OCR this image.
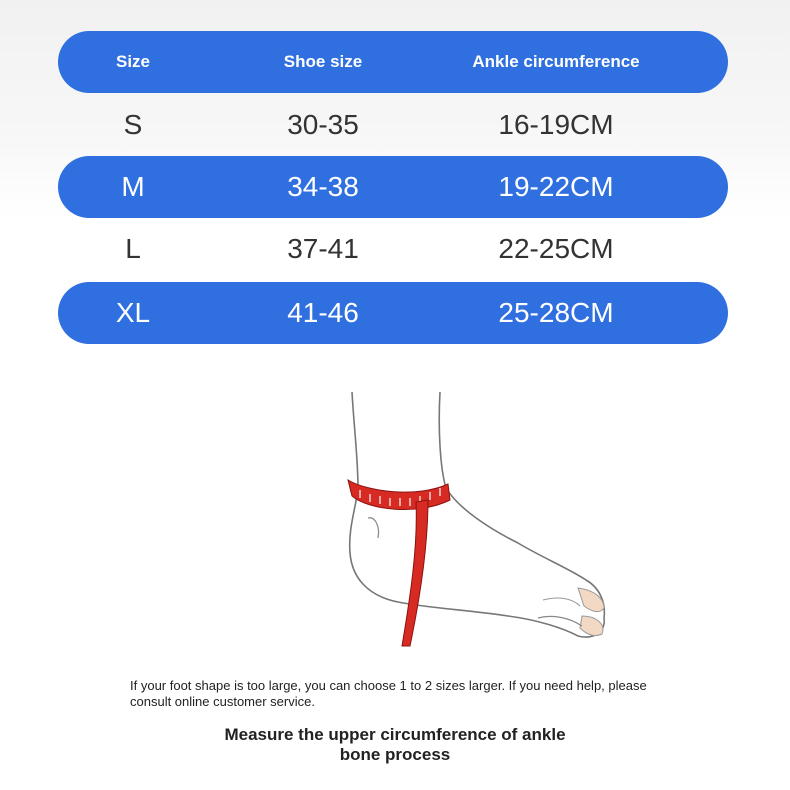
Size	Shoe size	Ankle circumference
S	30-35	16-19CM
M	34-38	19-22CM
L	37-41	22-25CM
XL	41-46	25-28CM
If your foot shape is too large, you can choose 1 to 2 sizes larger. If you need help, please consult online customer service.
Measure the upper circumference of ankle
bone process
